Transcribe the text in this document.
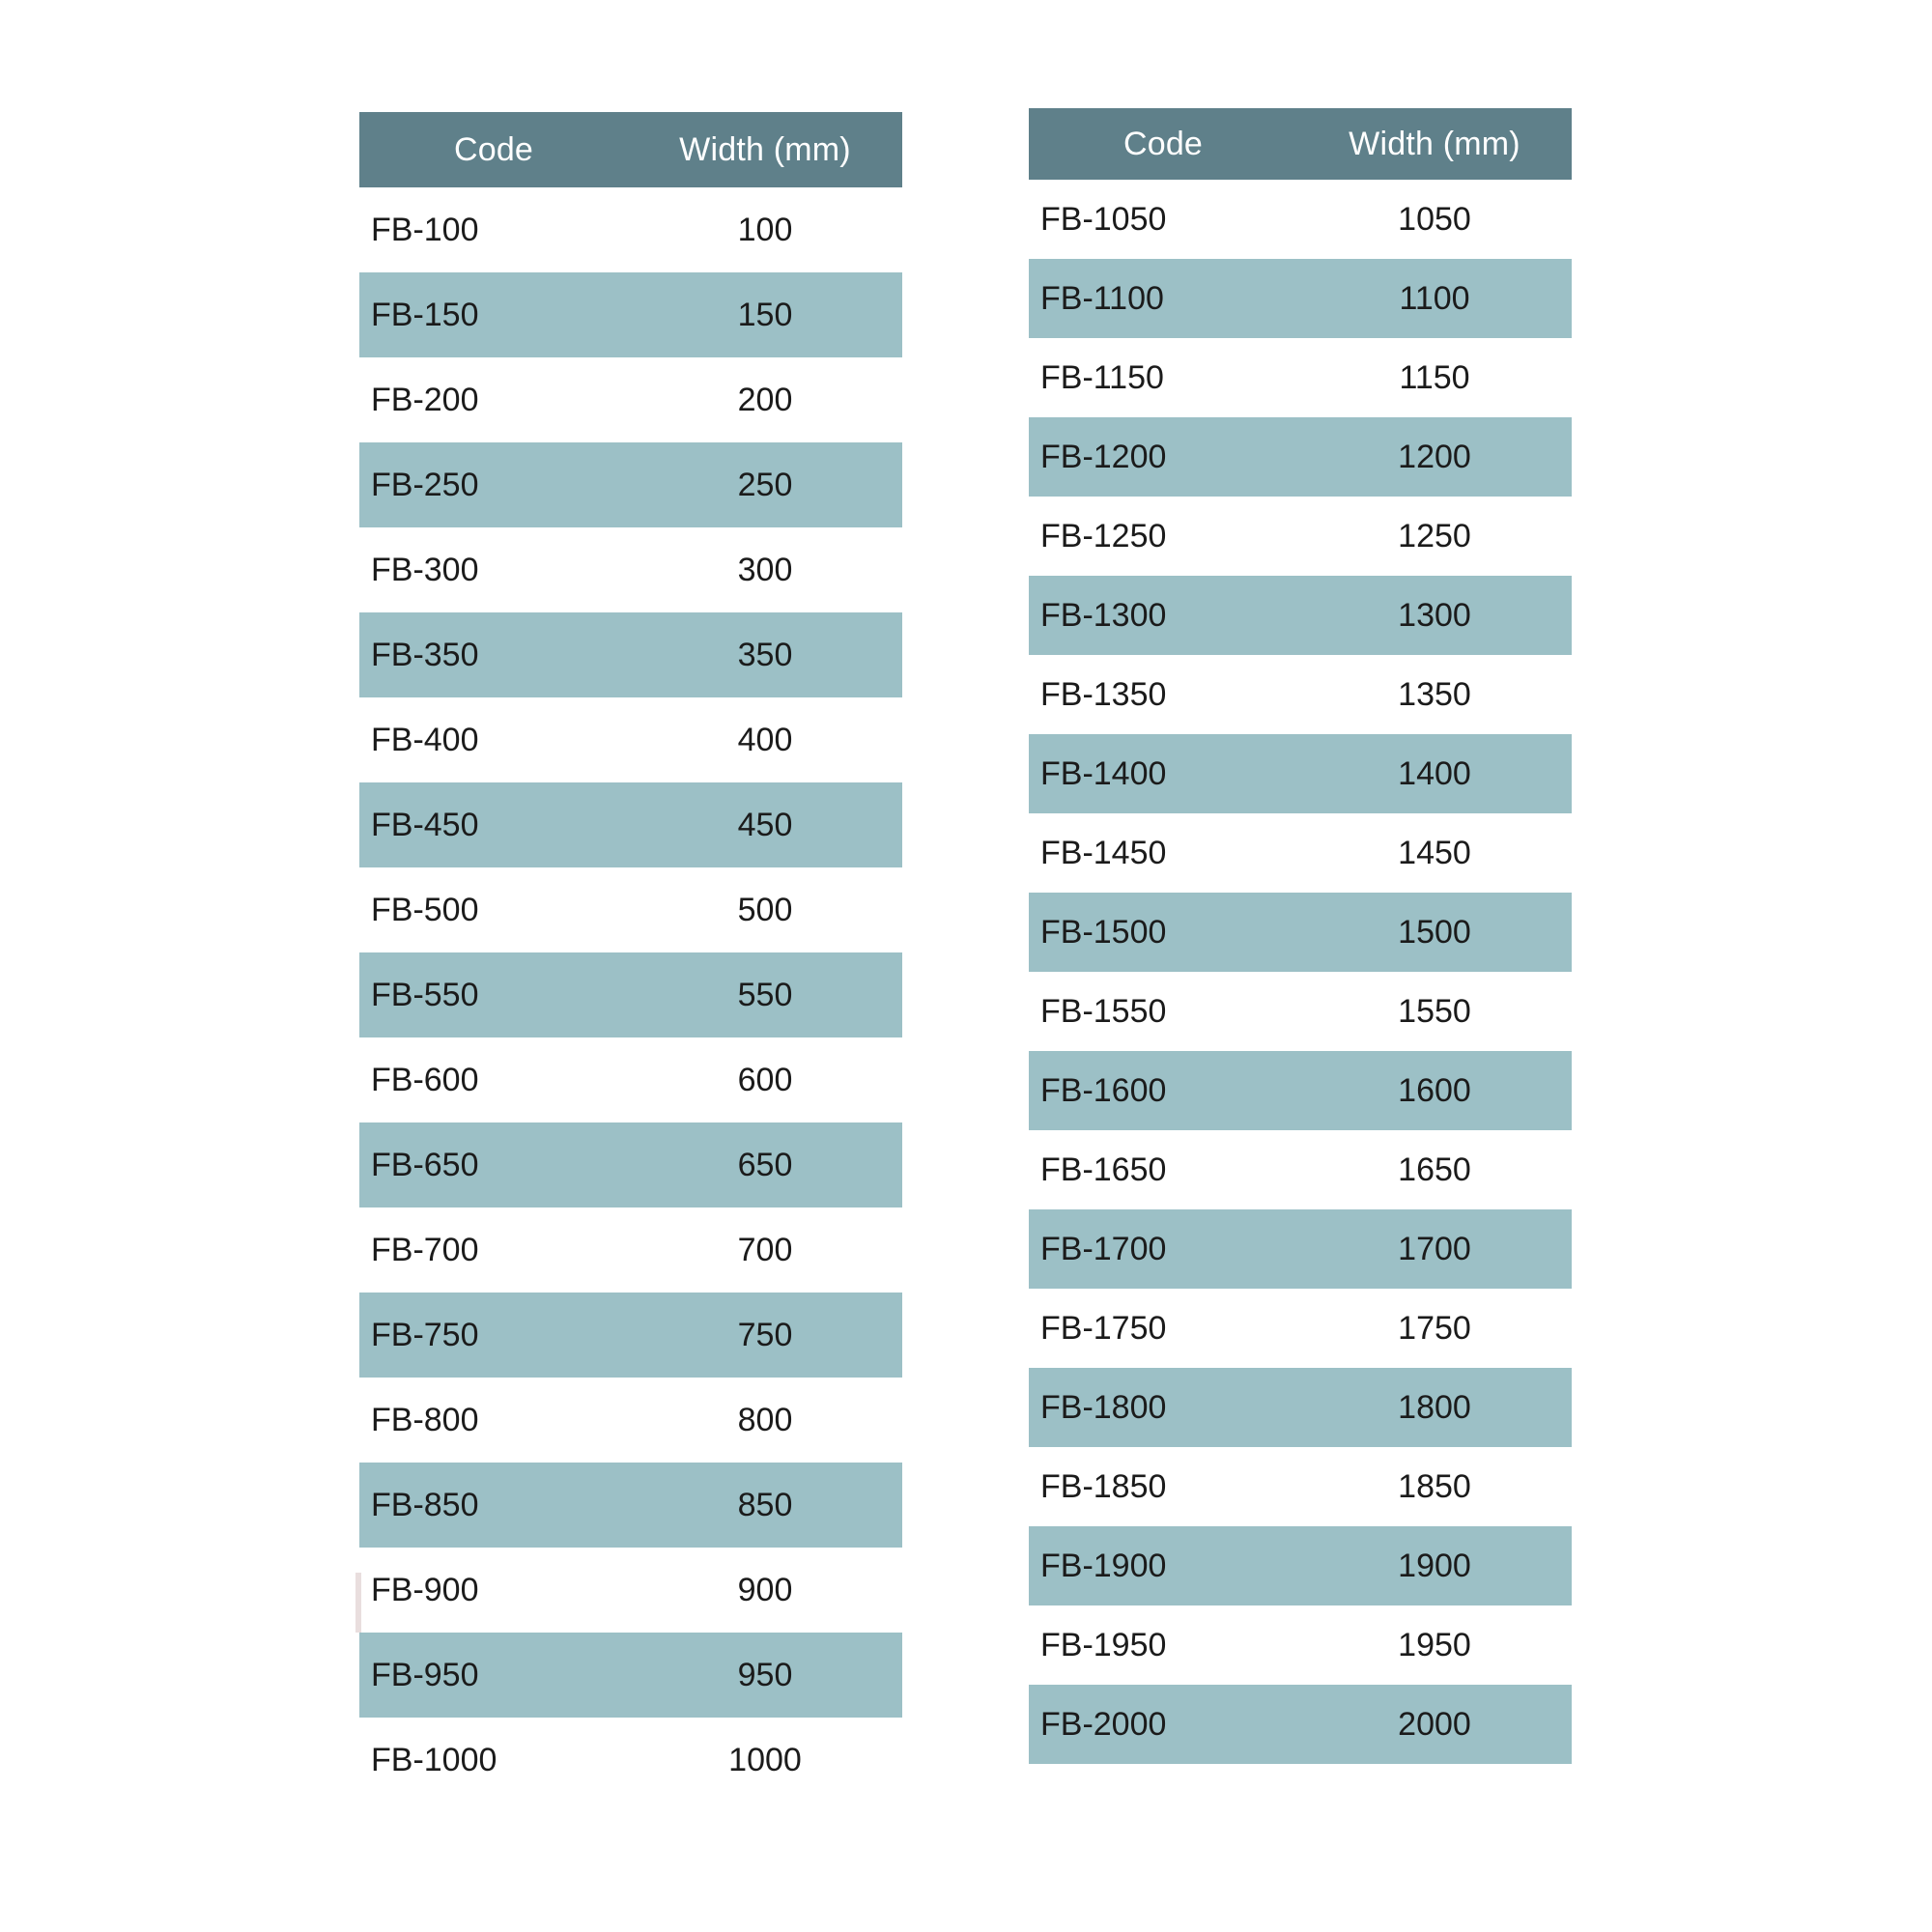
Code	Width (mm)
FB-100	100
FB-150	150
FB-200	200
FB-250	250
FB-300	300
FB-350	350
FB-400	400
FB-450	450
FB-500	500
FB-550	550
FB-600	600
FB-650	650
FB-700	700
FB-750	750
FB-800	800
FB-850	850
FB-900	900
FB-950	950
FB-1000	1000
Code	Width (mm)
FB-1050	1050
FB-1100	1100
FB-1150	1150
FB-1200	1200
FB-1250	1250
FB-1300	1300
FB-1350	1350
FB-1400	1400
FB-1450	1450
FB-1500	1500
FB-1550	1550
FB-1600	1600
FB-1650	1650
FB-1700	1700
FB-1750	1750
FB-1800	1800
FB-1850	1850
FB-1900	1900
FB-1950	1950
FB-2000	2000
